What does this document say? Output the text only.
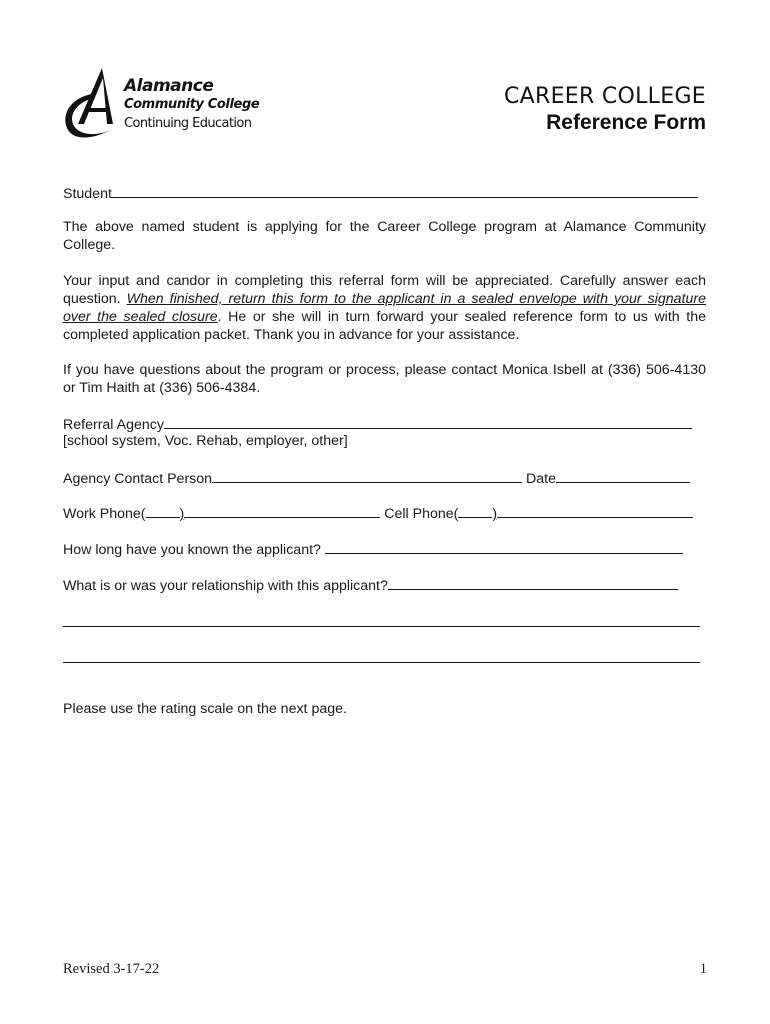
Alamance
Community College
Continuing Education
CAREER COLLEGE
Reference Form
Student
The above named student is applying for the Career College program at Alamance Community College.
Your input and candor in completing this referral form will be appreciated. Carefully answer each question. When finished, return this form to the applicant in a sealed envelope with your signature over the sealed closure. He or she will in turn forward your sealed reference form to us with the completed application packet. Thank you in advance for your assistance.
If you have questions about the program or process, please contact Monica Isbell at (336) 506-4130 or Tim Haith at (336) 506-4384.
Referral Agency
[school system, Voc. Rehab, employer, other]
Agency Contact Person	Date
Work Phone( )	Cell Phone( )
How long have you known the applicant?
What is or was your relationship with this applicant?
Please use the rating scale on the next page.
Revised 3-17-22	1
